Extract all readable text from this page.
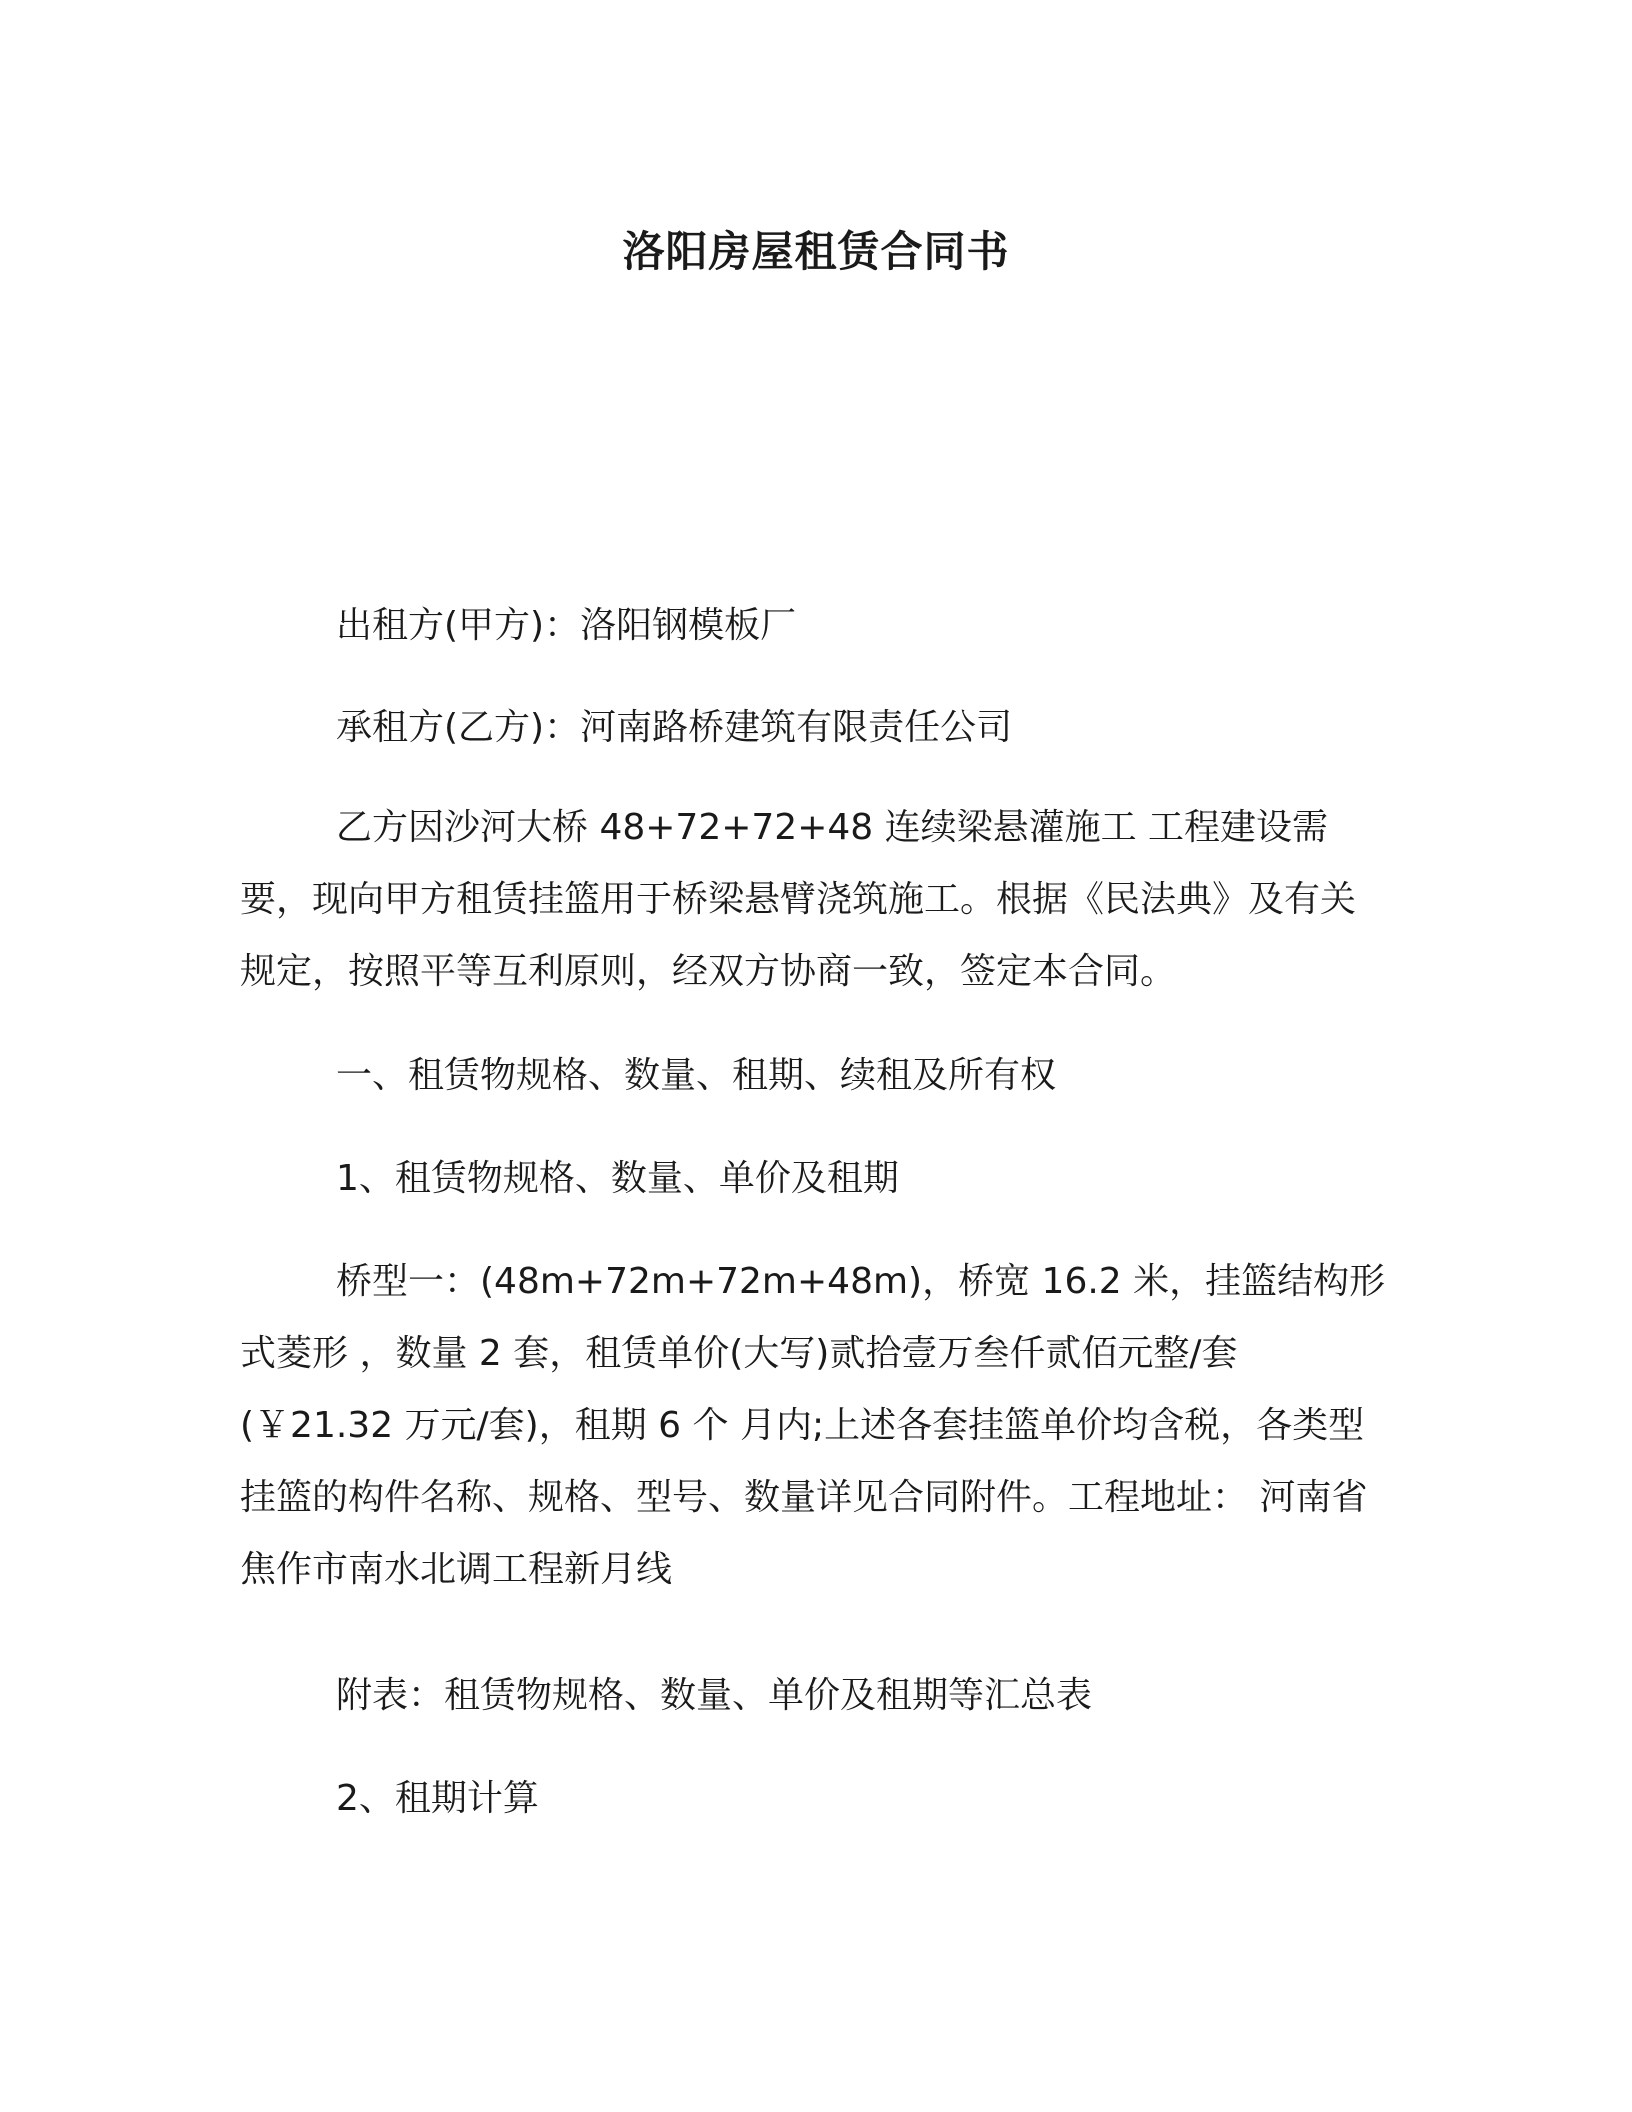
洛阳房屋租赁合同书
出租方(甲方)：洛阳钢模板厂
承租方(乙方)：河南路桥建筑有限责任公司
乙方因沙河大桥 48+72+72+48 连续梁悬灌施工 工程建设需要，现向甲方租赁挂篮用于桥梁悬臂浇筑施工。根据《民法典》及有关规定，按照平等互利原则，经双方协商一致，签定本合同。
一、租赁物规格、数量、租期、续租及所有权
1、租赁物规格、数量、单价及租期
桥型一：(48m+72m+72m+48m)，桥宽 16.2 米，挂篮结构形式菱形 ，数量 2 套，租赁单价(大写)贰拾壹万叁仟贰佰元整/套(￥21.32 万元/套)，租期 6 个 月内;上述各套挂篮单价均含税，各类型挂篮的构件名称、规格、型号、数量详见合同附件。工程地址： 河南省焦作市南水北调工程新月线
附表：租赁物规格、数量、单价及租期等汇总表
2、租期计算
